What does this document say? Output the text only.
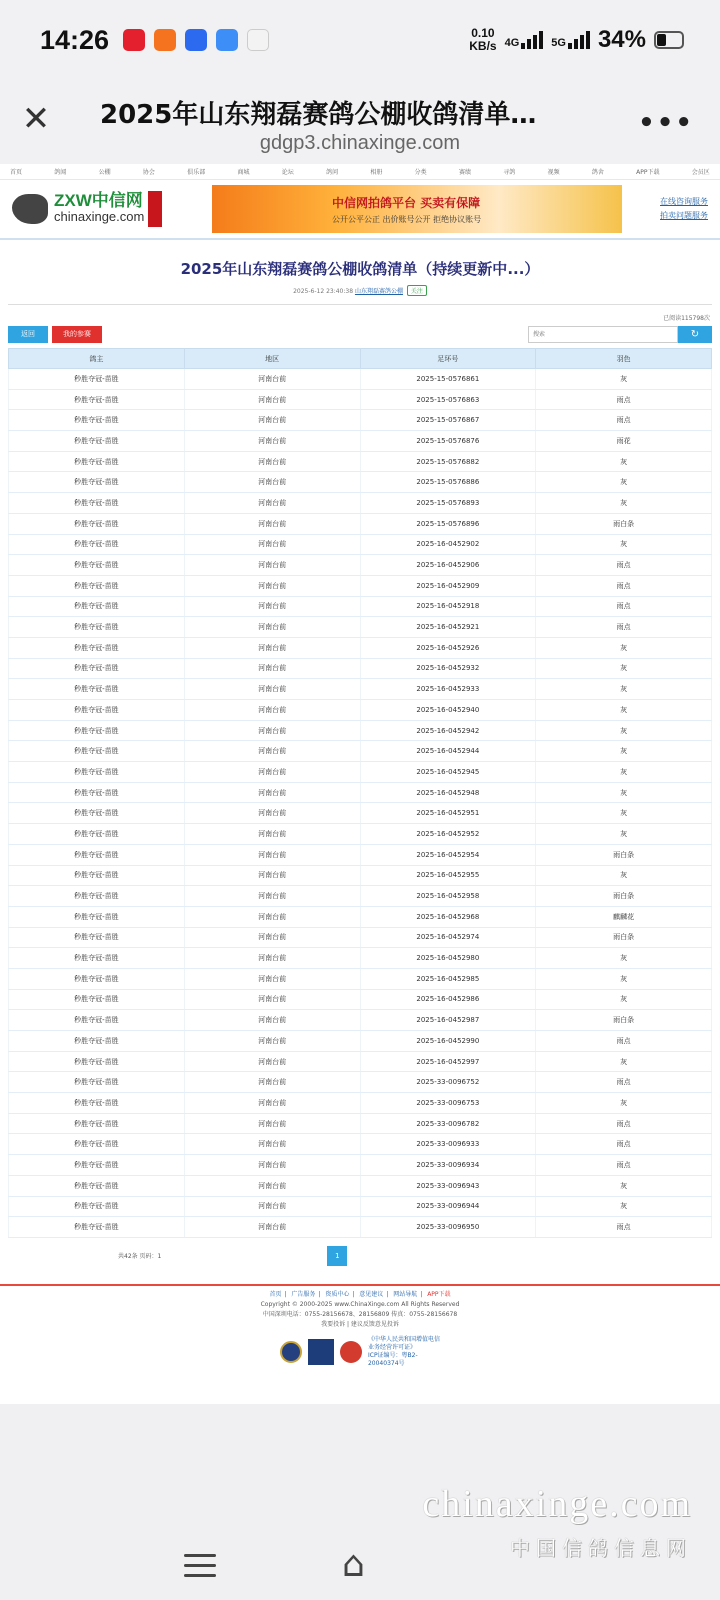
14:26	0.10
KB/s 4G	5G 34%
✕ 2025年山东翔磊赛鸽公棚收鸽清单…
gdgp3.chinaxinge.com
•••
首页	鸽闻	公棚	协会	俱乐部	商城	论坛	鸽问	相册	分类	赛绩	寻鸽	视频	鸽舍	APP下载	会员区
ZXW中信网
chinaxinge.com
中信网拍鸽平台 买卖有保障
公开公平公正 出价账号公开 拒绝协议账号
在线咨询服务
拍卖问题服务
2025年山东翔磊赛鸽公棚收鸽清单（持续更新中...）
2025-6-12 23:40:38 山东翔磊赛鸽公棚 关注
已阅读115798次
返回	我的参赛
搜索	↻
鸽主	地区	足环号	羽色
秒胜夺冠-苗胜	河南台前	2025-15-0576861	灰
秒胜夺冠-苗胜	河南台前	2025-15-0576863	雨点
秒胜夺冠-苗胜	河南台前	2025-15-0576867	雨点
秒胜夺冠-苗胜	河南台前	2025-15-0576876	雨花
秒胜夺冠-苗胜	河南台前	2025-15-0576882	灰
秒胜夺冠-苗胜	河南台前	2025-15-0576886	灰
秒胜夺冠-苗胜	河南台前	2025-15-0576893	灰
秒胜夺冠-苗胜	河南台前	2025-15-0576896	雨白条
秒胜夺冠-苗胜	河南台前	2025-16-0452902	灰
秒胜夺冠-苗胜	河南台前	2025-16-0452906	雨点
秒胜夺冠-苗胜	河南台前	2025-16-0452909	雨点
秒胜夺冠-苗胜	河南台前	2025-16-0452918	雨点
秒胜夺冠-苗胜	河南台前	2025-16-0452921	雨点
秒胜夺冠-苗胜	河南台前	2025-16-0452926	灰
秒胜夺冠-苗胜	河南台前	2025-16-0452932	灰
秒胜夺冠-苗胜	河南台前	2025-16-0452933	灰
秒胜夺冠-苗胜	河南台前	2025-16-0452940	灰
秒胜夺冠-苗胜	河南台前	2025-16-0452942	灰
秒胜夺冠-苗胜	河南台前	2025-16-0452944	灰
秒胜夺冠-苗胜	河南台前	2025-16-0452945	灰
秒胜夺冠-苗胜	河南台前	2025-16-0452948	灰
秒胜夺冠-苗胜	河南台前	2025-16-0452951	灰
秒胜夺冠-苗胜	河南台前	2025-16-0452952	灰
秒胜夺冠-苗胜	河南台前	2025-16-0452954	雨白条
秒胜夺冠-苗胜	河南台前	2025-16-0452955	灰
秒胜夺冠-苗胜	河南台前	2025-16-0452958	雨白条
秒胜夺冠-苗胜	河南台前	2025-16-0452968	麒麟花
秒胜夺冠-苗胜	河南台前	2025-16-0452974	雨白条
秒胜夺冠-苗胜	河南台前	2025-16-0452980	灰
秒胜夺冠-苗胜	河南台前	2025-16-0452985	灰
秒胜夺冠-苗胜	河南台前	2025-16-0452986	灰
秒胜夺冠-苗胜	河南台前	2025-16-0452987	雨白条
秒胜夺冠-苗胜	河南台前	2025-16-0452990	雨点
秒胜夺冠-苗胜	河南台前	2025-16-0452997	灰
秒胜夺冠-苗胜	河南台前	2025-33-0096752	雨点
秒胜夺冠-苗胜	河南台前	2025-33-0096753	灰
秒胜夺冠-苗胜	河南台前	2025-33-0096782	雨点
秒胜夺冠-苗胜	河南台前	2025-33-0096933	雨点
秒胜夺冠-苗胜	河南台前	2025-33-0096934	雨点
秒胜夺冠-苗胜	河南台前	2025-33-0096943	灰
秒胜夺冠-苗胜	河南台前	2025-33-0096944	灰
秒胜夺冠-苗胜	河南台前	2025-33-0096950	雨点
共42条 页码：1	1
首页 | 广告服务 | 资质中心 | 意见建议 | 网站导航 | APP下载
Copyright © 2000-2025 www.ChinaXinge.com All Rights Reserved
中国深圳电话：0755-28156678、28156809 传真：0755-28156678
我要投诉 | 建议反馈意见投诉
《中华人民共和国增值电信
业务经营许可证》
ICP证编号：粤B2-
20040374号
chinaxinge.com
中国信鸽信息网
⌂
